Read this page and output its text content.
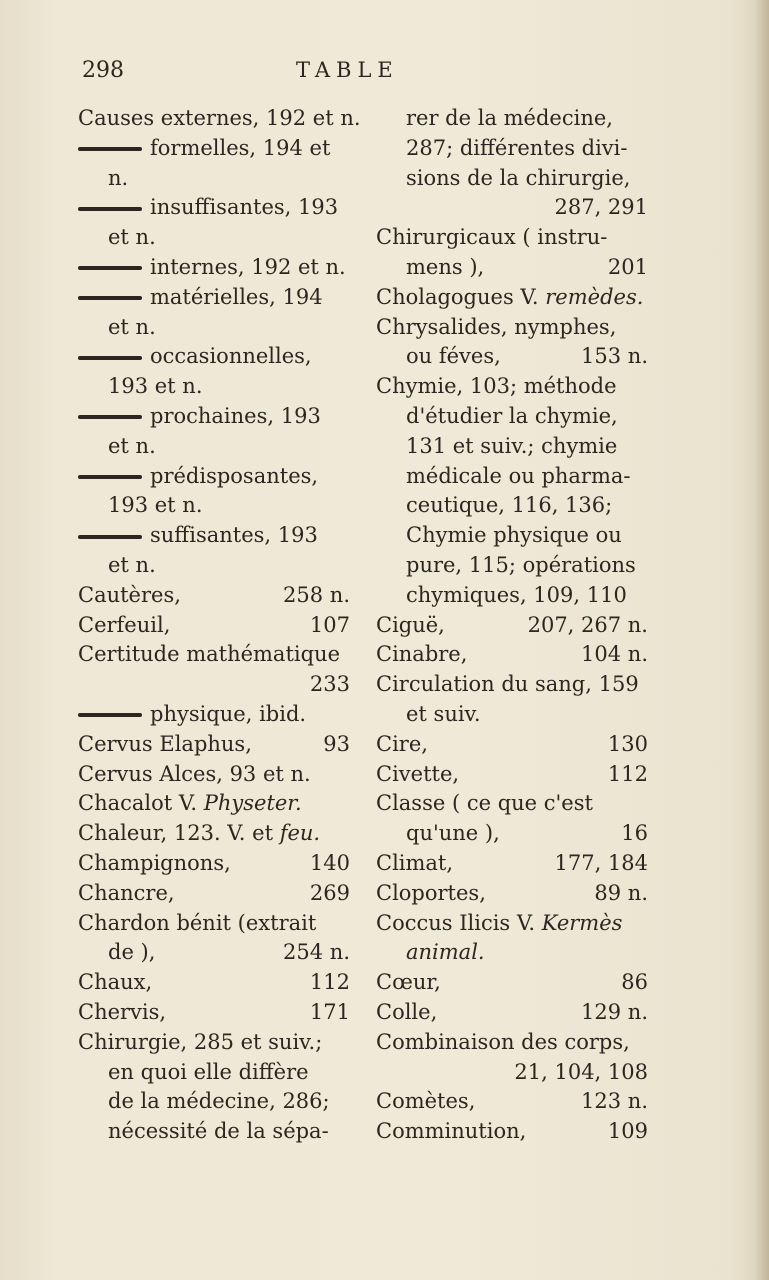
298	TABLE
Causes externes, 192 et n.
formelles, 194 et
n.
insuffisantes, 193
et n.
internes, 192 et n.
matérielles, 194
et n.
occasionnelles,
193 et n.
prochaines, 193
et n.
prédisposantes,
193 et n.
suffisantes, 193
et n.
Cautères,	258 n.
Cerfeuil,	107
Certitude mathématique
233
physique, ibid.
Cervus Elaphus,	93
Cervus Alces, 93 et n.
Chacalot V. Physeter.
Chaleur, 123. V. et feu.
Champignons,	140
Chancre,	269
Chardon bénit (extrait
de ),	254 n.
Chaux,	112
Chervis,	171
Chirurgie, 285 et suiv.;
en quoi elle diffère
de la médecine, 286;
nécessité de la sépa-
rer de la médecine,
287; différentes divi-
sions de la chirurgie,
287, 291
Chirurgicaux ( instru-
mens ),	201
Cholagogues V. remèdes.
Chrysalides, nymphes,
ou féves,	153 n.
Chymie, 103; méthode
d'étudier la chymie,
131 et suiv.; chymie
médicale ou pharma-
ceutique, 116, 136;
Chymie physique ou
pure, 115; opérations
chymiques, 109, 110
Ciguë,	207, 267 n.
Cinabre,	104 n.
Circulation du sang, 159
et suiv.
Cire,	130
Civette,	112
Classe ( ce que c'est
qu'une ),	16
Climat,	177, 184
Cloportes,	89 n.
Coccus Ilicis V. Kermès
animal.
Cœur,	86
Colle,	129 n.
Combinaison des corps,
21, 104, 108
Comètes,	123 n.
Comminution,	109
